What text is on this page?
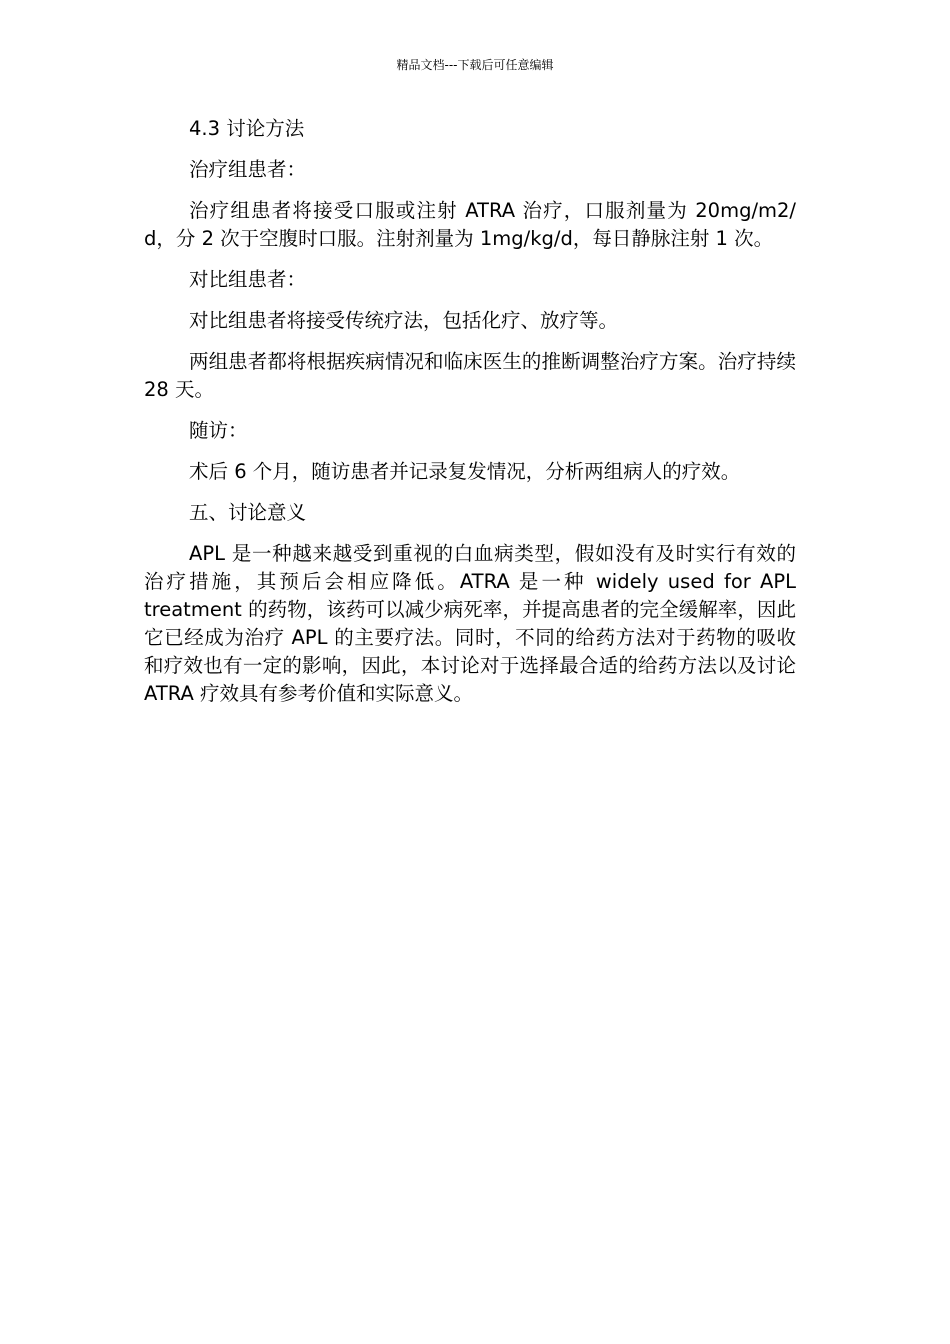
精品文档---下载后可任意编辑

4.3 讨论方法

治疗组患者：

治疗组患者将接受口服或注射 ATRA 治疗，口服剂量为 20mg/m2/d，分 2 次于空腹时口服。注射剂量为 1mg/kg/d，每日静脉注射 1 次。

对比组患者：

对比组患者将接受传统疗法，包括化疗、放疗等。

两组患者都将根据疾病情况和临床医生的推断调整治疗方案。治疗持续 28 天。

随访：

术后 6 个月，随访患者并记录复发情况，分析两组病人的疗效。

五、讨论意义

APL 是一种越来越受到重视的白血病类型，假如没有及时实行有效的治疗措施，其预后会相应降低。ATRA 是一种 widely used for APL treatment 的药物，该药可以减少病死率，并提高患者的完全缓解率，因此它已经成为治疗 APL 的主要疗法。同时，不同的给药方法对于药物的吸收和疗效也有一定的影响，因此，本讨论对于选择最合适的给药方法以及讨论 ATRA 疗效具有参考价值和实际意义。
